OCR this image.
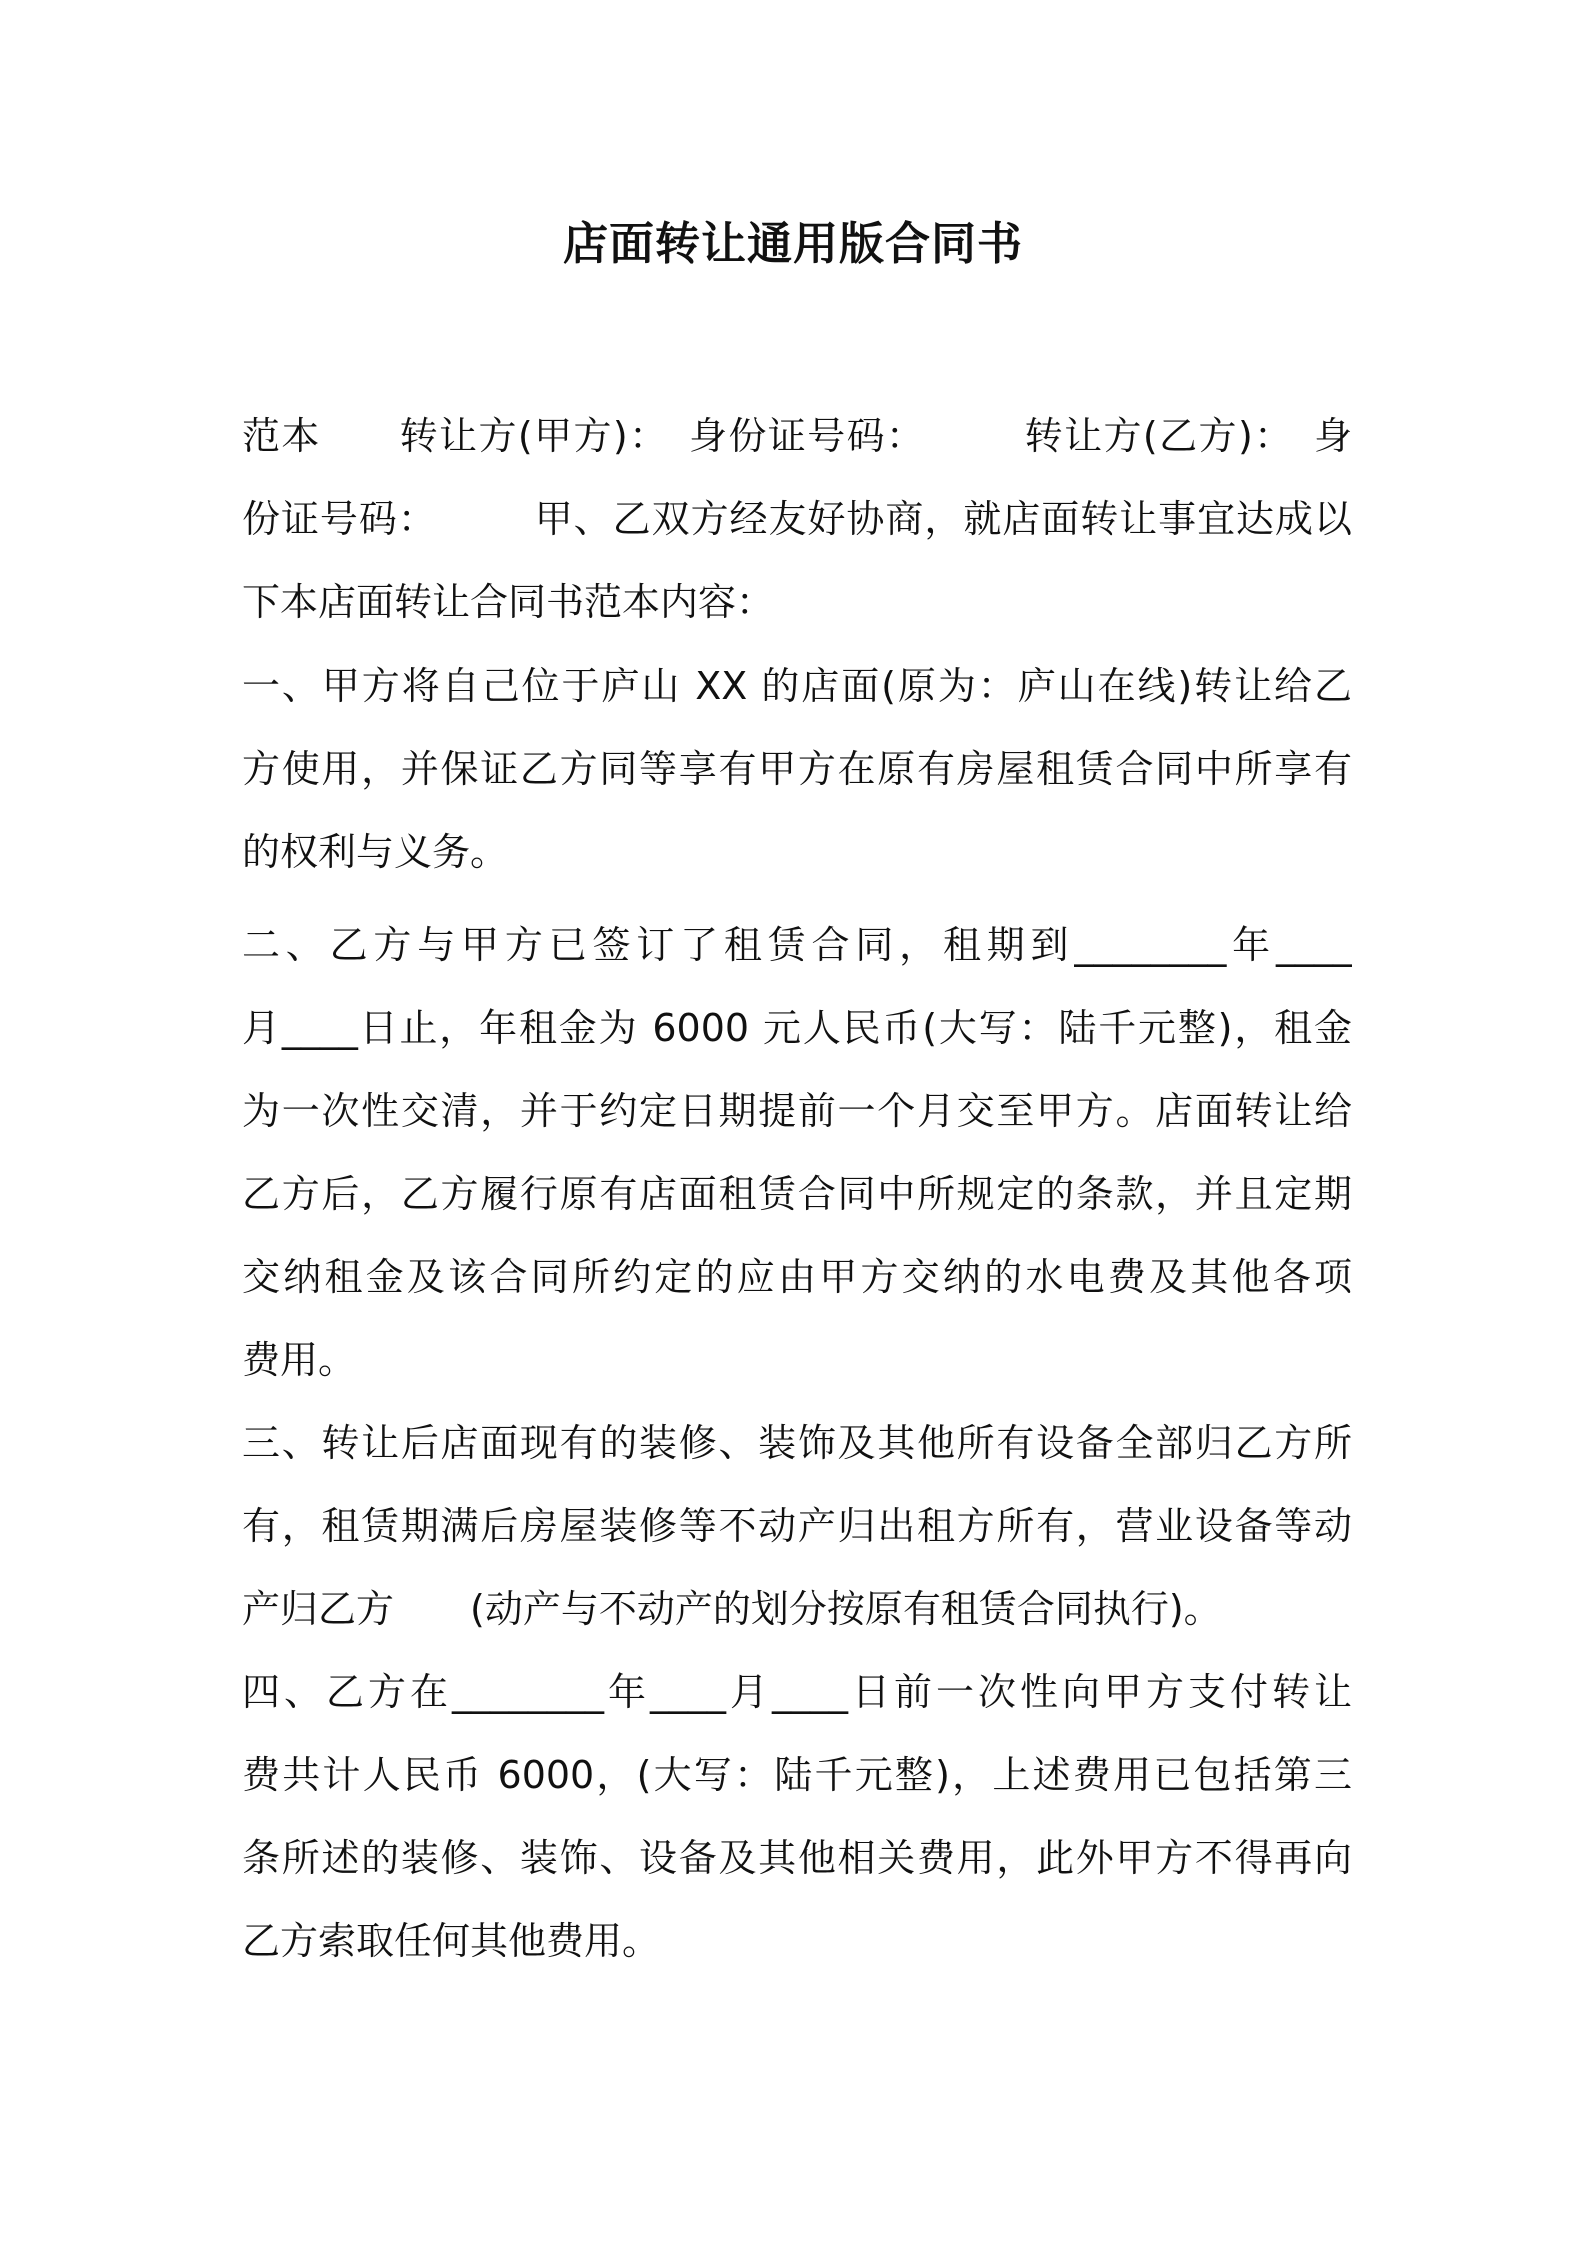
店面转让通用版合同书
范本　　转让方(甲方)：　身份证号码：　　　转让方(乙方)：　身
份证号码：　　　甲、乙双方经友好协商，就店面转让事宜达成以
下本店面转让合同书范本内容：
一、甲方将自己位于庐山 XX 的店面(原为：庐山在线)转让给乙
方使用，并保证乙方同等享有甲方在原有房屋租赁合同中所享有
的权利与义务。
二、乙方与甲方已签订了租赁合同，租期到________年____
月____日止，年租金为 6000 元人民币(大写：陆千元整)，租金
为一次性交清，并于约定日期提前一个月交至甲方。店面转让给
乙方后，乙方履行原有店面租赁合同中所规定的条款，并且定期
交纳租金及该合同所约定的应由甲方交纳的水电费及其他各项
费用。
三、转让后店面现有的装修、装饰及其他所有设备全部归乙方所
有，租赁期满后房屋装修等不动产归出租方所有，营业设备等动
产归乙方　　(动产与不动产的划分按原有租赁合同执行)。
四、乙方在________年____月____日前一次性向甲方支付转让
费共计人民币 6000，(大写：陆千元整)，上述费用已包括第三
条所述的装修、装饰、设备及其他相关费用，此外甲方不得再向
乙方索取任何其他费用。
